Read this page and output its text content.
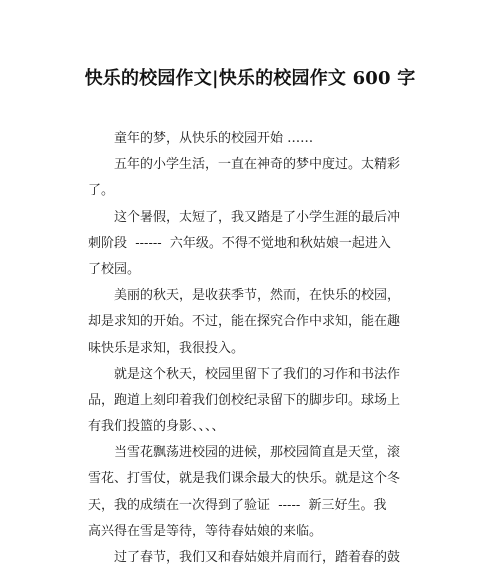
快乐的校园作文|快乐的校园作文 600 字

童年的梦，从快乐的校园开始 ……

五年的小学生活，一直在神奇的梦中度过。太精彩
了。

这个暑假，太短了，我又踏是了小学生涯的最后冲
刺阶段  ------  六年级。不得不觉地和秋姑娘一起进入
了校园。

美丽的秋天，是收获季节，然而，在快乐的校园，
却是求知的开始。不过，能在探究合作中求知，能在趣
味快乐是求知，我很投入。

就是这个秋天，校园里留下了我们的习作和书法作
品，跑道上刻印着我们创校纪录留下的脚步印。球场上
有我们投篮的身影、、、、

当雪花飘荡进校园的进候，那校园简直是天堂，滚
雪花、打雪仗，就是我们课余最大的快乐。就是这个冬
天，我的成绩在一次得到了验证  -----  新三好生。我
高兴得在雪是等待，等待春姑娘的来临。

过了春节，我们又和春姑娘并肩而行，踏着春的鼓
